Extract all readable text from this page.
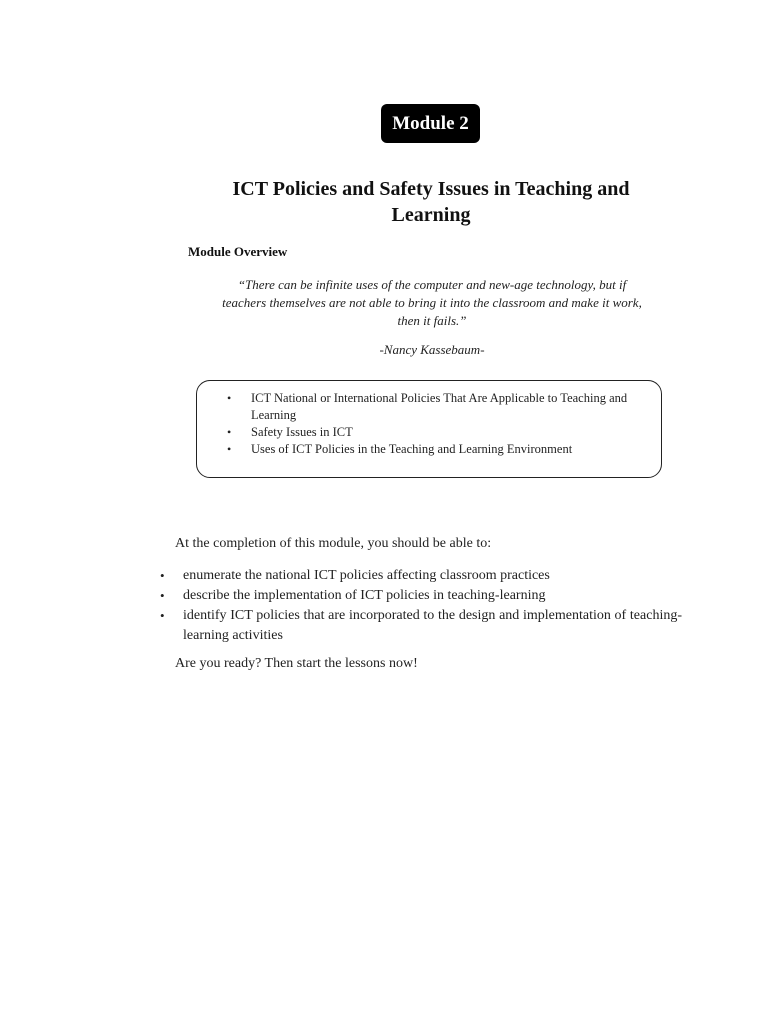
Module 2
ICT Policies and Safety Issues in Teaching and Learning
Module Overview
“There can be infinite uses of the computer and new-age technology, but if teachers themselves are not able to bring it into the classroom and make it work, then it fails.”
-Nancy Kassebaum-
• ICT National or International Policies That Are Applicable to Teaching and Learning
• Safety Issues in ICT
• Uses of ICT Policies in the Teaching and Learning Environment
At the completion of this module, you should be able to:
• enumerate the national ICT policies affecting classroom practices
• describe the implementation of ICT policies in teaching-learning
• identify ICT policies that are incorporated to the design and implementation of teaching-learning activities
Are you ready? Then start the lessons now!
